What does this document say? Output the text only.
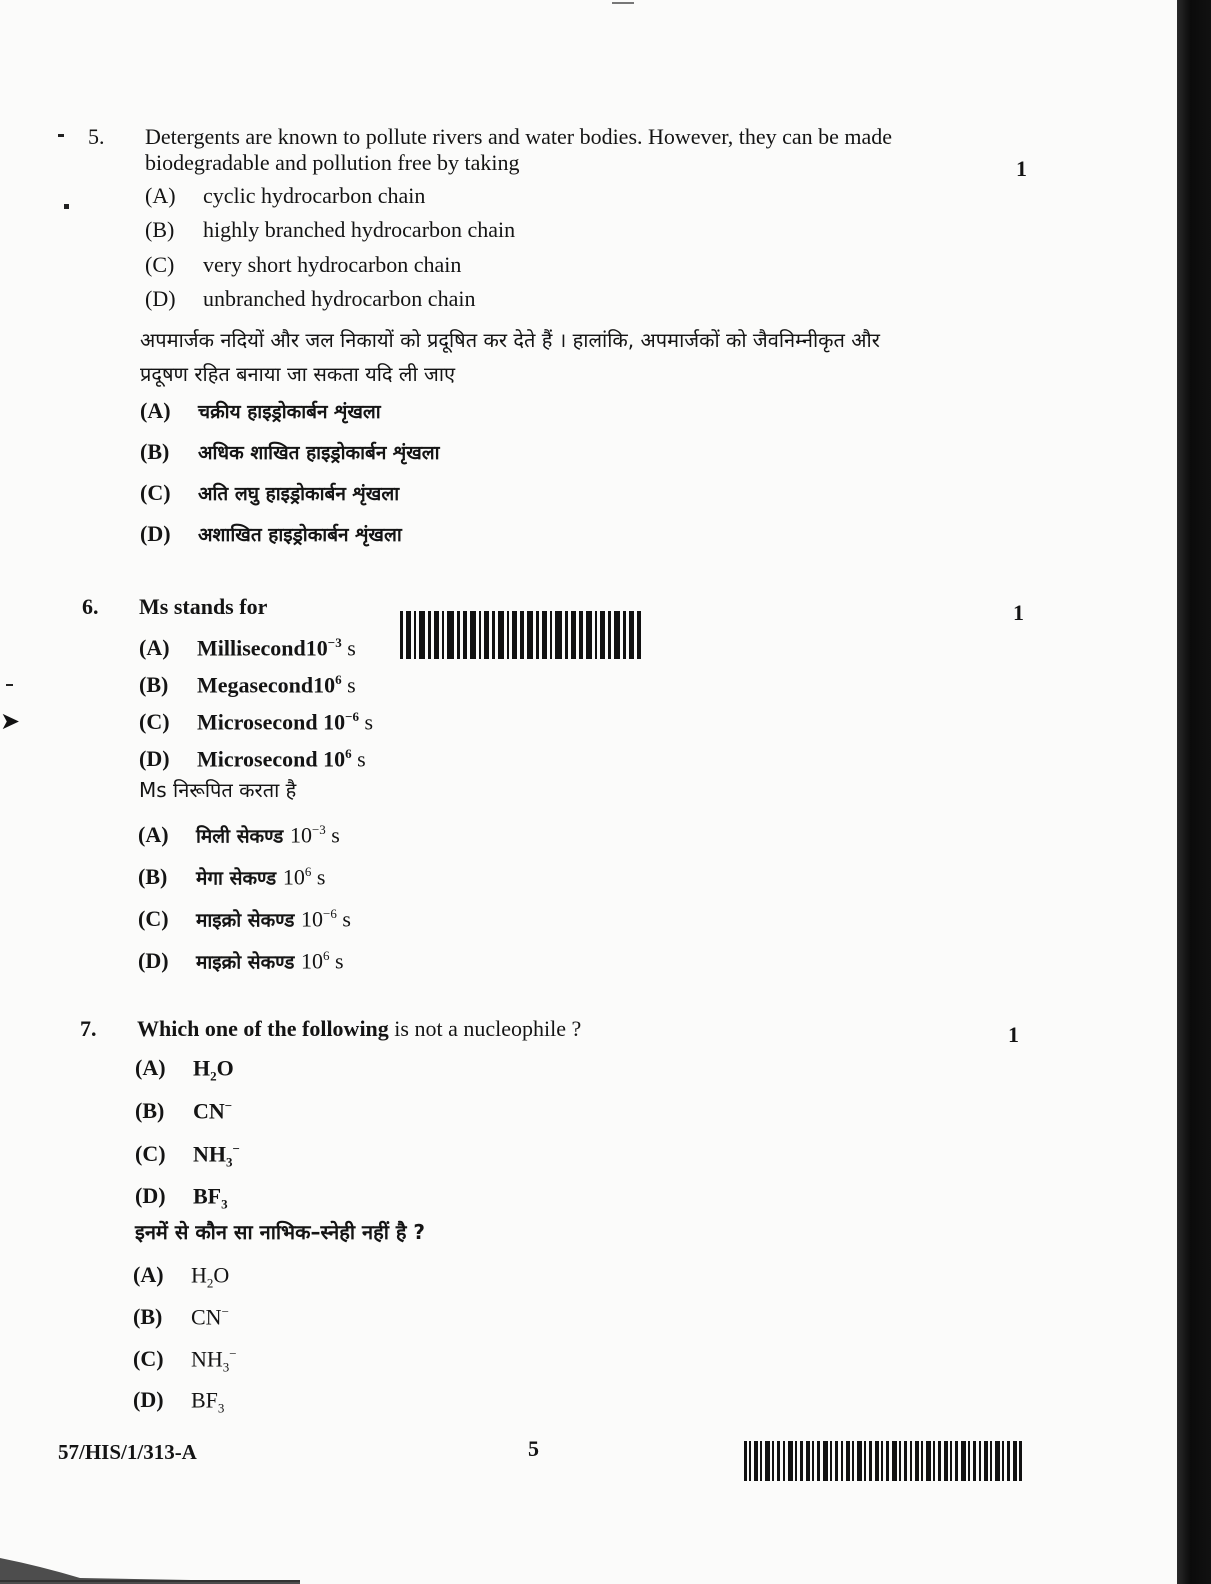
➤
5. Detergents are known to pollute rivers and water bodies. However, they can be made
biodegradable and pollution free by taking	1
(A) cyclic hydrocarbon chain
(B) highly branched hydrocarbon chain
(C) very short hydrocarbon chain
(D) unbranched hydrocarbon chain
अपमार्जक नदियों और जल निकायों को प्रदूषित कर देते हैं । हालांकि, अपमार्जकों को जैवनिम्नीकृत और
प्रदूषण रहित बनाया जा सकता यदि ली जाए
(A) चक्रीय हाइड्रोकार्बन शृंखला
(B) अधिक शाखित हाइड्रोकार्बन शृंखला
(C) अति लघु हाइड्रोकार्बन शृंखला
(D) अशाखित हाइड्रोकार्बन शृंखला
6. Ms stands for	1
(A) $Millisecond10^{-3}$ s
(B) $Megasecond10^6$ s
(C) Microsecond $10^{-6}$ s
(D) Microsecond $10^6$ s
Ms निरूपित करता है
(A) मिली सेकण्ड $10^{-3}$ s
(B) मेगा सेकण्ड $10^6$ s
(C) माइक्रो सेकण्ड $10^{-6}$ s
(D) माइक्रो सेकण्ड $10^6$ s
7. Which one of the following is not a nucleophile ?	1
(A) $H_2O$
(B) CN−
(C) $NH_3^-$
(D) $BF_3$
इनमें से कौन सा नाभिक–स्नेही नहीं है ?
(A) $H_2O$
(B) CN−
(C) $NH_3^-$
(D) $BF_3$
57/HIS/1/313-A	5
